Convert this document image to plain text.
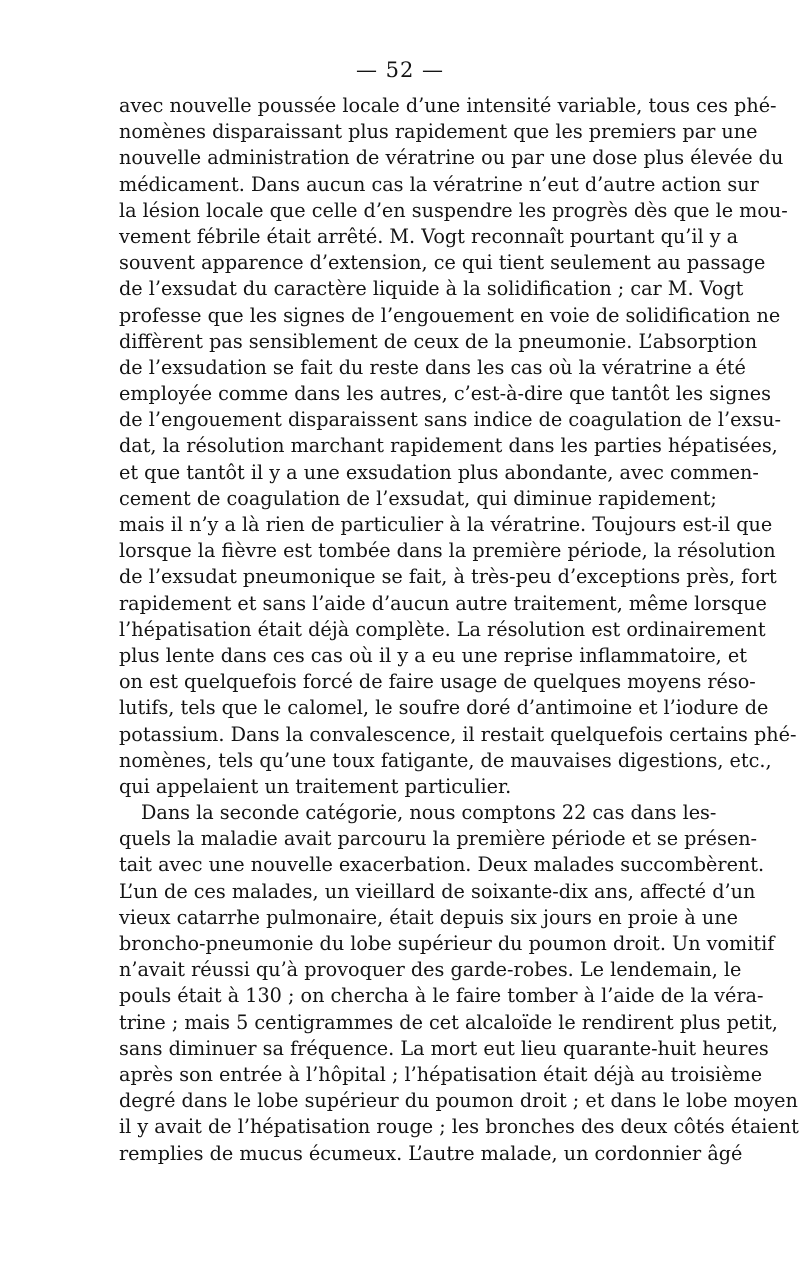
— 52 —
avec nouvelle poussée locale d’une intensité variable, tous ces phé-
nomènes disparaissant plus rapidement que les premiers par une
nouvelle administration de vératrine ou par une dose plus élevée du
médicament. Dans aucun cas la vératrine n’eut d’autre action sur
la lésion locale que celle d’en suspendre les progrès dès que le mou-
vement fébrile était arrêté. M. Vogt reconnaît pourtant qu’il y a
souvent apparence d’extension, ce qui tient seulement au passage
de l’exsudat du caractère liquide à la solidification ; car M. Vogt
professe que les signes de l’engouement en voie de solidification ne
diffèrent pas sensiblement de ceux de la pneumonie. L’absorption
de l’exsudation se fait du reste dans les cas où la vératrine a été
employée comme dans les autres, c’est-à-dire que tantôt les signes
de l’engouement disparaissent sans indice de coagulation de l’exsu-
dat, la résolution marchant rapidement dans les parties hépatisées,
et que tantôt il y a une exsudation plus abondante, avec commen-
cement de coagulation de l’exsudat, qui diminue rapidement;
mais il n’y a là rien de particulier à la vératrine. Toujours est-il que
lorsque la fièvre est tombée dans la première période, la résolution
de l’exsudat pneumonique se fait, à très-peu d’exceptions près, fort
rapidement et sans l’aide d’aucun autre traitement, même lorsque
l’hépatisation était déjà complète. La résolution est ordinairement
plus lente dans ces cas où il y a eu une reprise inflammatoire, et
on est quelquefois forcé de faire usage de quelques moyens réso-
lutifs, tels que le calomel, le soufre doré d’antimoine et l’iodure de
potassium. Dans la convalescence, il restait quelquefois certains phé-
nomènes, tels qu’une toux fatigante, de mauvaises digestions, etc.,
qui appelaient un traitement particulier.
Dans la seconde catégorie, nous comptons 22 cas dans les-
quels la maladie avait parcouru la première période et se présen-
tait avec une nouvelle exacerbation. Deux malades succombèrent.
L’un de ces malades, un vieillard de soixante-dix ans, affecté d’un
vieux catarrhe pulmonaire, était depuis six jours en proie à une
broncho-pneumonie du lobe supérieur du poumon droit. Un vomitif
n’avait réussi qu’à provoquer des garde-robes. Le lendemain, le
pouls était à 130 ; on chercha à le faire tomber à l’aide de la véra-
trine ; mais 5 centigrammes de cet alcaloïde le rendirent plus petit,
sans diminuer sa fréquence. La mort eut lieu quarante-huit heures
après son entrée à l’hôpital ; l’hépatisation était déjà au troisième
degré dans le lobe supérieur du poumon droit ; et dans le lobe moyen
il y avait de l’hépatisation rouge ; les bronches des deux côtés étaient
remplies de mucus écumeux. L’autre malade, un cordonnier âgé
